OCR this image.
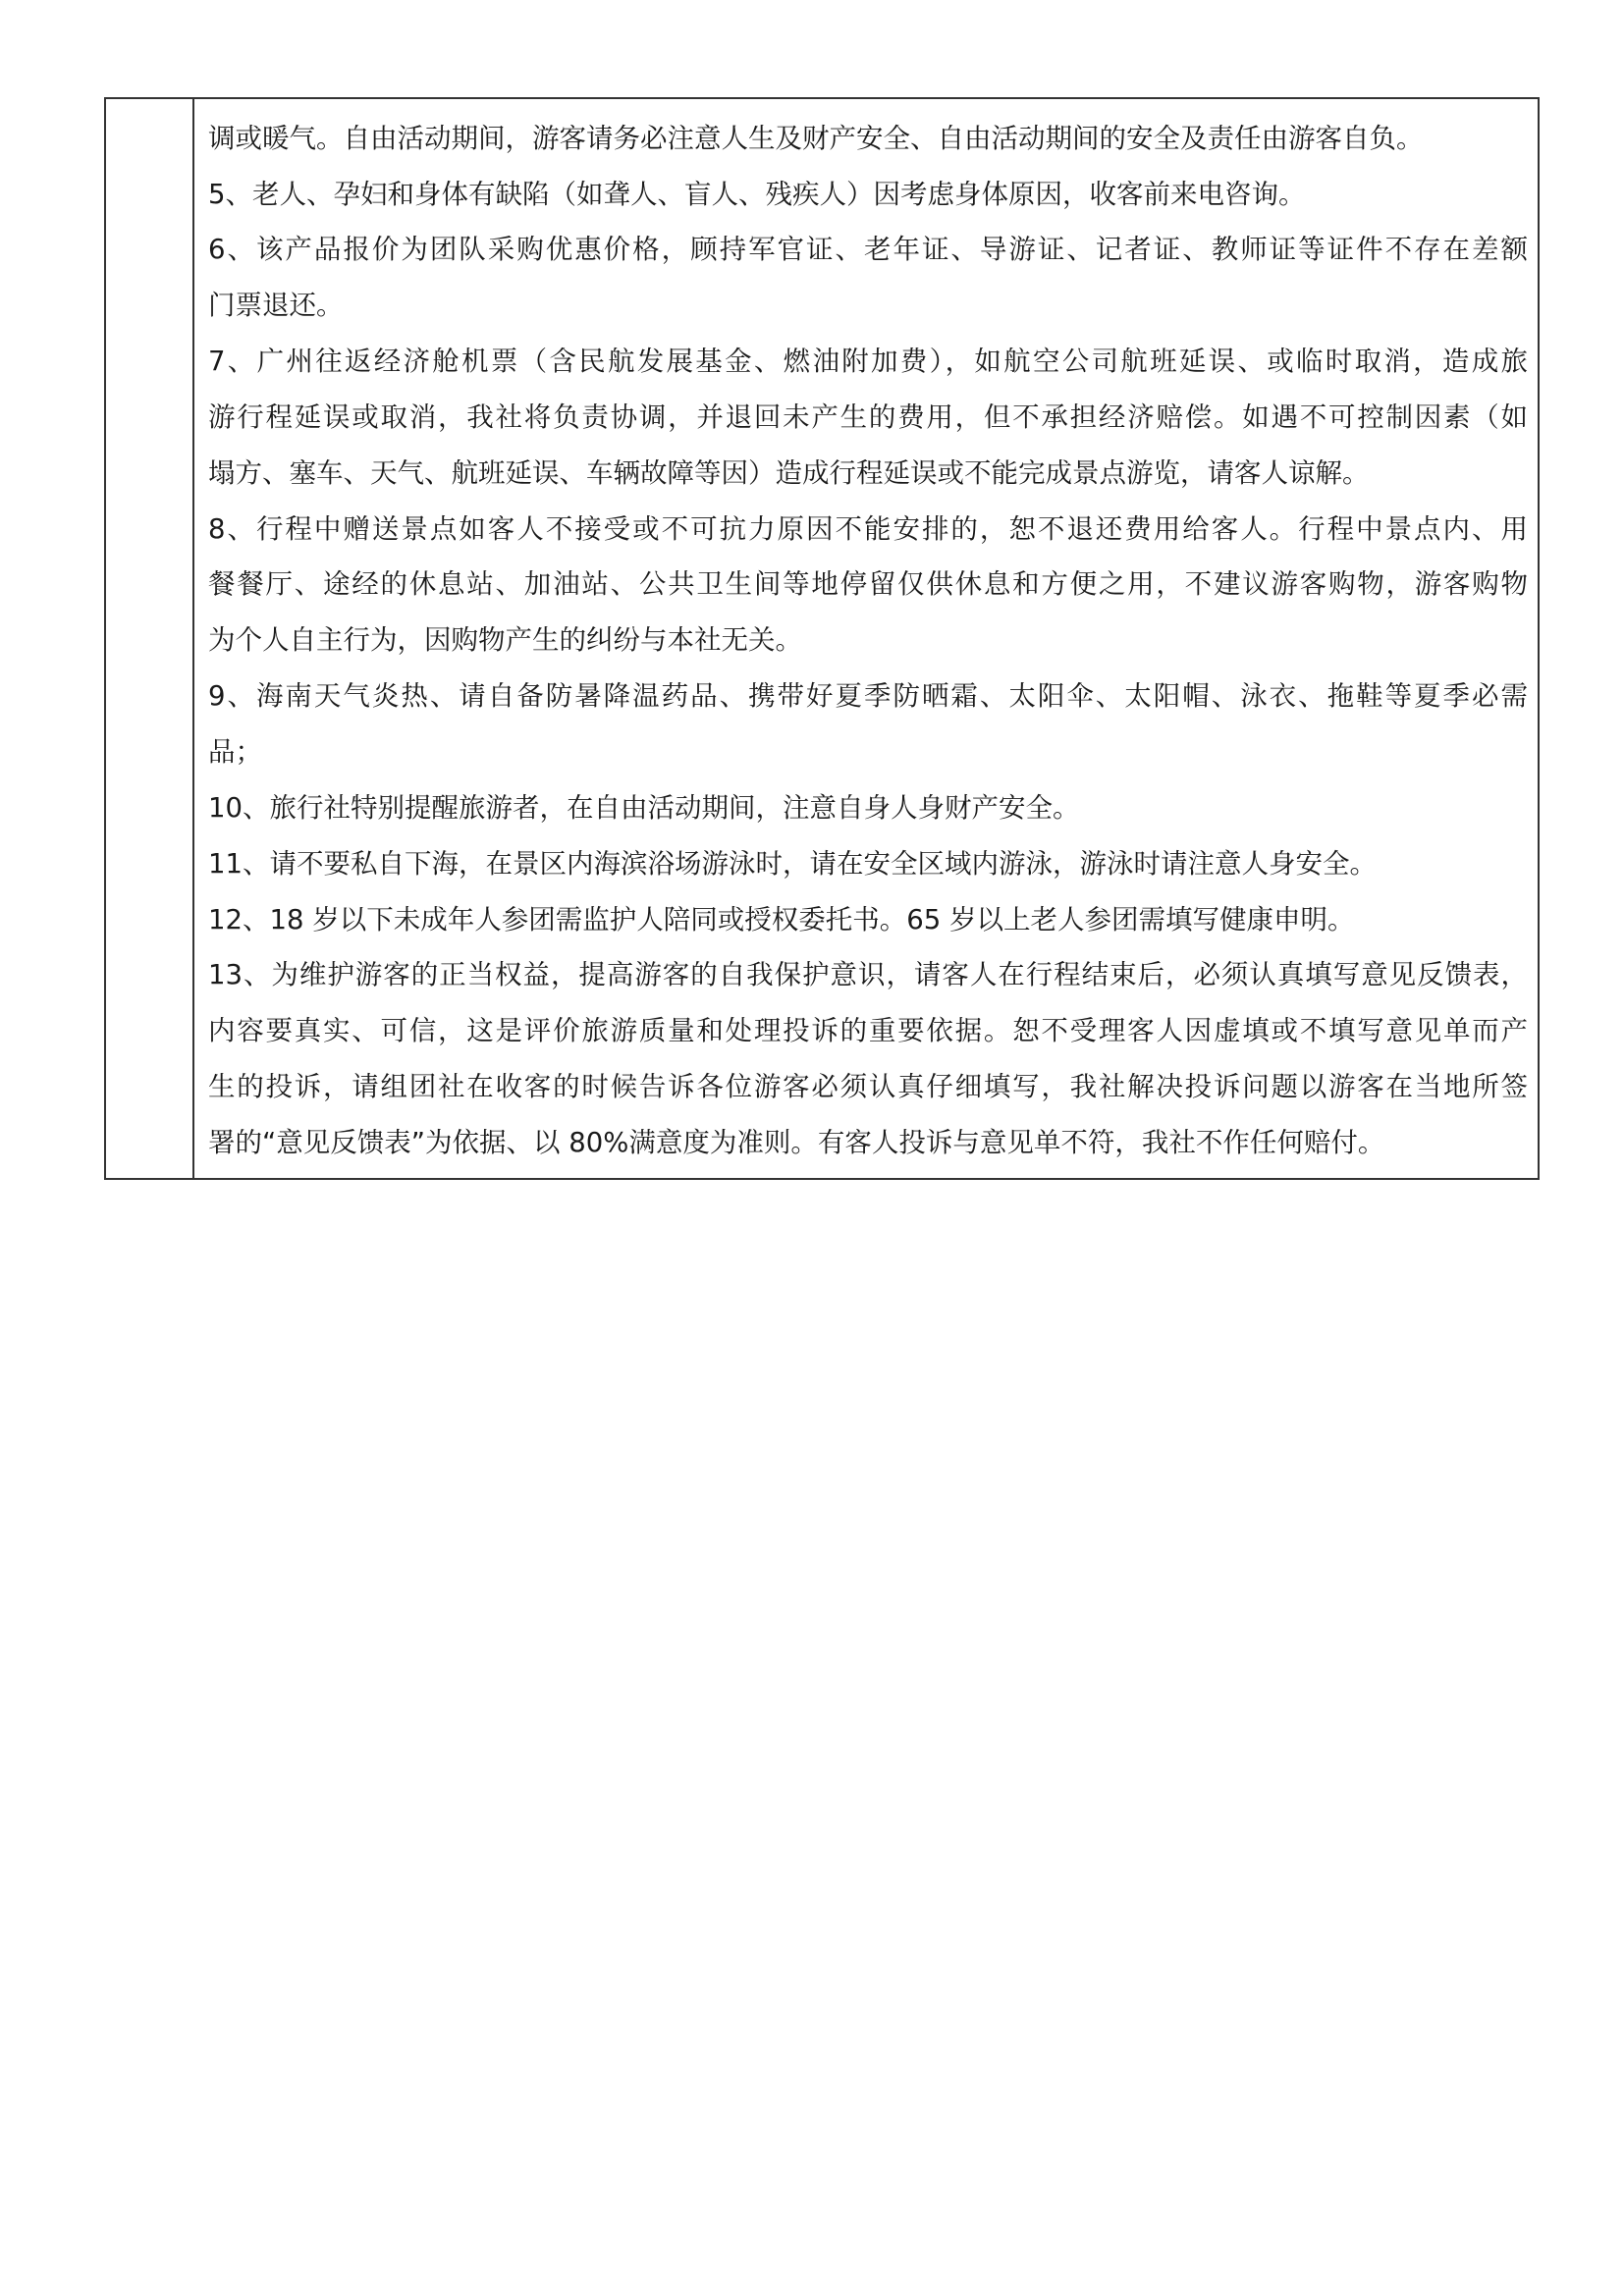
调或暖气。自由活动期间，游客请务必注意人生及财产安全、自由活动期间的安全及责任由游客自负。
5、老人、孕妇和身体有缺陷（如聋人、盲人、残疾人）因考虑身体原因，收客前来电咨询。
6、该产品报价为团队采购优惠价格，顾持军官证、老年证、导游证、记者证、教师证等证件不存在差额
门票退还。
7、广州往返经济舱机票（含民航发展基金、燃油附加费），如航空公司航班延误、或临时取消，造成旅
游行程延误或取消，我社将负责协调，并退回未产生的费用，但不承担经济赔偿。如遇不可控制因素（如
塌方、塞车、天气、航班延误、车辆故障等因）造成行程延误或不能完成景点游览，请客人谅解。
8、行程中赠送景点如客人不接受或不可抗力原因不能安排的，恕不退还费用给客人。行程中景点内、用
餐餐厅、途经的休息站、加油站、公共卫生间等地停留仅供休息和方便之用，不建议游客购物，游客购物
为个人自主行为，因购物产生的纠纷与本社无关。
9、海南天气炎热、请自备防暑降温药品、携带好夏季防晒霜、太阳伞、太阳帽、泳衣、拖鞋等夏季必需
品；
10、旅行社特别提醒旅游者，在自由活动期间，注意自身人身财产安全。
11、请不要私自下海，在景区内海滨浴场游泳时，请在安全区域内游泳，游泳时请注意人身安全。
12、18 岁以下未成年人参团需监护人陪同或授权委托书。65 岁以上老人参团需填写健康申明。
13、为维护游客的正当权益，提高游客的自我保护意识，请客人在行程结束后，必须认真填写意见反馈表，
内容要真实、可信，这是评价旅游质量和处理投诉的重要依据。恕不受理客人因虚填或不填写意见单而产
生的投诉，请组团社在收客的时候告诉各位游客必须认真仔细填写，我社解决投诉问题以游客在当地所签
署的“意见反馈表”为依据、以 80%满意度为准则。有客人投诉与意见单不符，我社不作任何赔付。
